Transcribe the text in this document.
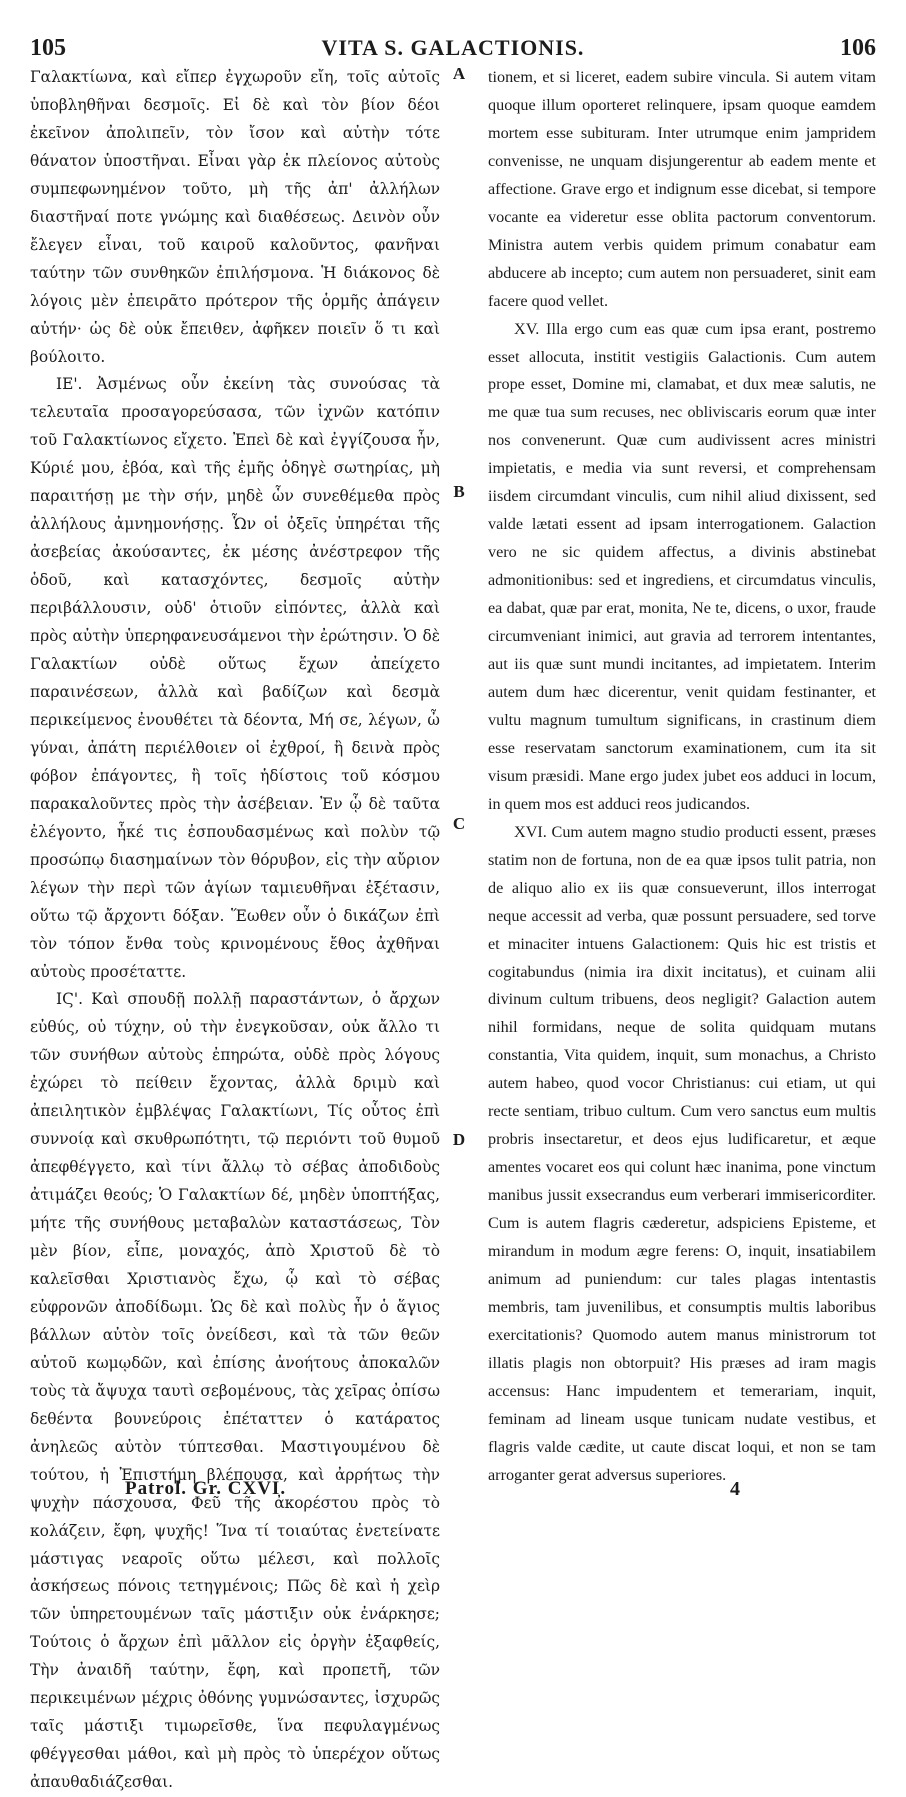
105	VITA S. GALACTIONIS.	106

Γαλακτίωνα, καὶ εἴπερ ἐγχωροῦν εἴη, τοῖς αὐτοῖς ὑποβληθῆναι δεσμοῖς. Εἰ δὲ καὶ τὸν βίον δέοι ἐκεῖνον ἀπολιπεῖν, τὸν ἴσον καὶ αὐτὴν τότε θάνατον ὑποστῆναι. Εἶναι γὰρ ἐκ πλείονος αὐτοὺς συμπεφωνημένον τοῦτο, μὴ τῆς ἀπ' ἀλλήλων διαστῆναί ποτε γνώμης καὶ διαθέσεως. Δεινὸν οὖν ἔλεγεν εἶναι, τοῦ καιροῦ καλοῦντος, φανῆναι ταύτην τῶν συνθηκῶν ἐπιλήσμονα. Ἡ διάκονος δὲ λόγοις μὲν ἐπειρᾶτο πρότερον τῆς ὁρμῆς ἀπάγειν αὐτήν· ὡς δὲ οὐκ ἔπειθεν, ἀφῆκεν ποιεῖν ὅ τι καὶ βούλοιτο.

ΙΕ'. Ἀσμένως οὖν ἐκείνη τὰς συνούσας τὰ τελευταῖα προσαγορεύσασα, τῶν ἰχνῶν κατόπιν τοῦ Γαλακτίωνος εἴχετο. Ἐπεὶ δὲ καὶ ἐγγίζουσα ἦν, Κύριέ μου, ἐβόα, καὶ τῆς ἐμῆς ὁδηγὲ σωτηρίας, μὴ παραιτήσῃ με τὴν σήν, μηδὲ ὧν συνεθέμεθα πρὸς ἀλλήλους ἀμνημονήσῃς. Ὧν οἱ ὀξεῖς ὑπηρέται τῆς ἀσεβείας ἀκούσαντες, ἐκ μέσης ἀνέστρεφον τῆς ὁδοῦ, καὶ κατασχόντες, δεσμοῖς αὐτὴν περιβάλλουσιν, οὐδ' ὁτιοῦν εἰπόντες, ἀλλὰ καὶ πρὸς αὐτὴν ὑπερηφανευσάμενοι τὴν ἐρώτησιν. Ὁ δὲ Γαλακτίων οὐδὲ οὕτως ἔχων ἀπείχετο παραινέσεων, ἀλλὰ καὶ βαδίζων καὶ δεσμὰ περικείμενος ἐνουθέτει τὰ δέοντα, Μή σε, λέγων, ὦ γύναι, ἀπάτη περιέλθοιεν οἱ ἐχθροί, ἢ δεινὰ πρὸς φόβον ἐπάγοντες, ἢ τοῖς ἡδίστοις τοῦ κόσμου παρακαλοῦντες πρὸς τὴν ἀσέβειαν. Ἐν ᾧ δὲ ταῦτα ἐλέγοντο, ἧκέ τις ἐσπουδασμένως καὶ πολὺν τῷ προσώπῳ διασημαίνων τὸν θόρυβον, εἰς τὴν αὔριον λέγων τὴν περὶ τῶν ἁγίων ταμιευθῆναι ἐξέτασιν, οὕτω τῷ ἄρχοντι δόξαν. Ἕωθεν οὖν ὁ δικάζων ἐπὶ τὸν τόπον ἔνθα τοὺς κρινομένους ἔθος ἀχθῆναι αὐτοὺς προσέταττε.

ΙϚ'. Καὶ σπουδῇ πολλῇ παραστάντων, ὁ ἄρχων εὐθύς, οὐ τύχην, οὐ τὴν ἐνεγκοῦσαν, οὐκ ἄλλο τι τῶν συνήθων αὐτοὺς ἐπηρώτα, οὐδὲ πρὸς λόγους ἐχώρει τὸ πείθειν ἔχοντας, ἀλλὰ δριμὺ καὶ ἀπειλητικὸν ἐμβλέψας Γαλακτίωνι, Τίς οὗτος ἐπὶ συννοίᾳ καὶ σκυθρωπότητι, τῷ περιόντι τοῦ θυμοῦ ἀπεφθέγγετο, καὶ τίνι ἄλλῳ τὸ σέβας ἀποδιδοὺς ἀτιμάζει θεούς; Ὁ Γαλακτίων δέ, μηδὲν ὑποπτήξας, μήτε τῆς συνήθους μεταβαλὼν καταστάσεως, Τὸν μὲν βίον, εἶπε, μοναχός, ἀπὸ Χριστοῦ δὲ τὸ καλεῖσθαι Χριστιανὸς ἔχω, ᾧ καὶ τὸ σέβας εὐφρονῶν ἀποδίδωμι. Ὡς δὲ καὶ πολὺς ἦν ὁ ἅγιος βάλλων αὐτὸν τοῖς ὀνείδεσι, καὶ τὰ τῶν θεῶν αὐτοῦ κωμῳδῶν, καὶ ἐπίσης ἀνοήτους ἀποκαλῶν τοὺς τὰ ἄψυχα ταυτὶ σεβομένους, τὰς χεῖρας ὀπίσω δεθέντα βουνεύροις ἐπέταττεν ὁ κατάρατος ἀνηλεῶς αὐτὸν τύπτεσθαι. Μαστιγουμένου δὲ τούτου, ἡ Ἐπιστήμη βλέπουσα, καὶ ἀρρήτως τὴν ψυχὴν πάσχουσα, Φεῦ τῆς ἀκορέστου πρὸς τὸ κολάζειν, ἔφη, ψυχῆς! Ἵνα τί τοιαύτας ἐνετείνατε μάστιγας νεαροῖς οὕτω μέλεσι, καὶ πολλοῖς ἀσκήσεως πόνοις τετηγμένοις; Πῶς δὲ καὶ ἡ χεὶρ τῶν ὑπηρετουμένων ταῖς μάστιξιν οὐκ ἐνάρκησε; Τούτοις ὁ ἄρχων ἐπὶ μᾶλλον εἰς ὀργὴν ἐξαφθείς, Τὴν ἀναιδῆ ταύτην, ἔφη, καὶ προπετῆ, τῶν περικειμένων μέχρις ὀθόνης γυμνώσαντες, ἰσχυρῶς ταῖς μάστιξι τιμωρεῖσθε, ἵνα πεφυλαγμένως φθέγγεσθαι μάθοι, καὶ μὴ πρὸς τὸ ὑπερέχον οὕτως ἀπαυθαδιάζεσθαι.

A
B
C
D

tionem, et si liceret, eadem subire vincula. Si autem vitam quoque illum oporteret relinquere, ipsam quoque eamdem mortem esse subituram. Inter utrumque enim jampridem convenisse, ne unquam disjungerentur ab eadem mente et affectione. Grave ergo et indignum esse dicebat, si tempore vocante ea videretur esse oblita pactorum conventorum. Ministra autem verbis quidem primum conabatur eam abducere ab incepto; cum autem non persuaderet, sinit eam facere quod vellet.

XV. Illa ergo cum eas quæ cum ipsa erant, postremo esset allocuta, institit vestigiis Galactionis. Cum autem prope esset, Domine mi, clamabat, et dux meæ salutis, ne me quæ tua sum recuses, nec obliviscaris eorum quæ inter nos convenerunt. Quæ cum audivissent acres ministri impietatis, e media via sunt reversi, et comprehensam iisdem circumdant vinculis, cum nihil aliud dixissent, sed valde lætati essent ad ipsam interrogationem. Galaction vero ne sic quidem affectus, a divinis abstinebat admonitionibus: sed et ingrediens, et circumdatus vinculis, ea dabat, quæ par erat, monita, Ne te, dicens, o uxor, fraude circumveniant inimici, aut gravia ad terrorem intentantes, aut iis quæ sunt mundi incitantes, ad impietatem. Interim autem dum hæc dicerentur, venit quidam festinanter, et vultu magnum tumultum significans, in crastinum diem esse reservatam sanctorum examinationem, cum ita sit visum præsidi. Mane ergo judex jubet eos adduci in locum, in quem mos est adduci reos judicandos.

XVI. Cum autem magno studio producti essent, præses statim non de fortuna, non de ea quæ ipsos tulit patria, non de aliquo alio ex iis quæ consueverunt, illos interrogat neque accessit ad verba, quæ possunt persuadere, sed torve et minaciter intuens Galactionem: Quis hic est tristis et cogitabundus (nimia ira dixit incitatus), et cuinam alii divinum cultum tribuens, deos negligit? Galaction autem nihil formidans, neque de solita quidquam mutans constantia, Vita quidem, inquit, sum monachus, a Christo autem habeo, quod vocor Christianus: cui etiam, ut qui recte sentiam, tribuo cultum. Cum vero sanctus eum multis probris insectaretur, et deos ejus ludificaretur, et æque amentes vocaret eos qui colunt hæc inanima, pone vinctum manibus jussit exsecrandus eum verberari immisericorditer. Cum is autem flagris cæderetur, adspiciens Episteme, et mirandum in modum ægre ferens: O, inquit, insatiabilem animum ad puniendum: cur tales plagas intentastis membris, tam juvenilibus, et consumptis multis laboribus exercitationis? Quomodo autem manus ministrorum tot illatis plagis non obtorpuit? His præses ad iram magis accensus: Hanc impudentem et temerariam, inquit, feminam ad lineam usque tunicam nudate vestibus, et flagris valde cædite, ut caute discat loqui, et non se tam arroganter gerat adversus superiores.

Patrol. Gr. CXVI.	4
